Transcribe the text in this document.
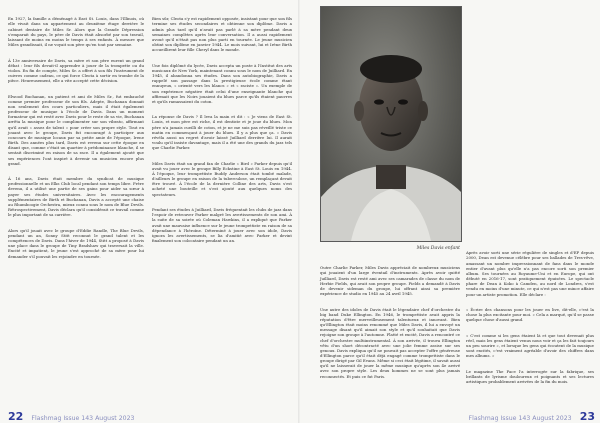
En 1927, la famille a déménagé à East St. Louis, dans l'Illinois, où elle vivait dans un appartement au deuxième étage derrière le cabinet dentaire de Miles Sr. Alors que la Grande Dépression s'emparait du pays, le père de Davis était absorbé par son travail, laissant de moins en moins le temps à ses enfants. À mesure que Miles grandissait, il ne voyait son père qu'en tout par semaine.

À 13e anniversaire de Davis, sa mère et son père eurent un grand débat : leur fils devait-il apprendre à jouer de la trompette ou du violon. En fin de compte, Miles Sr. a offert à son fils l'instrument de cuivres comme cadeau, ce qui force Cleota à sortir en trombe de la pièce. Heureusement, elle a vite accepté cette décision.

Elwood Buchanan, un patient et ami de Miles Sr., fut embauché comme premier professeur de son fils. Adepte, Buchanan donnait non seulement des cours particuliers, mais il était également professeur de musique à l'école de Davis. Dans un moment formateur qui est resté avec Davis pour le reste de sa vie, Buchanan arrêta la musique pour le complimenter sur son vibrato, affirmant qu'il avait « assez de talent » pour créer son propre style. Tout en jouant avec le groupe, Davis fut encouragé à participer aux concours de musique locaux par sa petite amie de l'époque, Irene Birth. Des années plus tard, Davis est revenu sur cette époque en disant que, comme c'était un quartier à prédominance blanche, il se sentait discriminé en raison de sa race. Il a également ajouté que ses expériences l'ont inspiré à devenir un musicien encore plus grand.

À 16 ans, Davis était membre du syndicat de musique professionnelle et un Elks Club local pendant son temps libre. Frère devenu, il a utilisé une partie de ses gains pour aider sa sœur à payer ses études universitaires. Avec les encouragements supplémentaires de Birth et Buchanan, Davis a accepté une chaise au Rhumboogie Orchestra, mieux connu sous le nom de Blue Devils. Rétrospectivement, Davis déclara qu'il considérait ce travail comme le plus important de sa carrière.

Alors qu'il jouait avec le groupe d'Eddie Randle, The Blue Devils, pendant un an, Sonny Stitt reconnut le grand talent et les compétences de Davis. Dans l'hiver de 1944, Stitt a proposé à Davis une place dans le groupe de Tiny Bradshaw qui traversait la ville. Excité et impatient, le jeune s'est approché de sa mère pour lui demander s'il pouvait les rejoindre en tournée.

Bien sûr, Cleota s'y est rapidement opposée, insistant pour que son fils termine ses études secondaires et obtienne son diplôme. Davis a admis plus tard qu'il n'avait pas parlé à sa mère pendant deux semaines complètes après leur conversation. Il a aussi rapidement avoué qu'il n'était pas non plus parti en tournée. Le jeune musicien obtint son diplôme en janvier 1944. Le mois suivant, lui et Irène Birth accueillirent leur fille Cheryl dans le monde.

Une fois diplômé du lycée, Davis accepta un poste à l'Institut des arts musicaux de New York, maintenant connu sous le nom de Juilliard. En 1945, il abandonna ses études. Dans son autobiographie, Davis a rappelé son passage dans la prestigieuse école comme étant ennuyeux, « orienté vers les blancs » et « raciste ». Un exemple de son expérience négative était celui d'une enseignante blanche qui affirmait que les Noirs jouaient du blues parce qu'ils étaient pauvres et qu'ils ramassaient du coton.

La réponse de Davis ? Il leva la main et dit : « Je viens de East St. Louis, et mon père est riche, il est dentiste et je joue du blues. Mon père n'a jamais cueilli de coton, et je ne me suis pas réveillé triste ce matin en commençant à jouer du blues. Il y a plus que ça. » Davis révéla aussi un regret d'avoir laissé Juilliard derrière lui. Il aurait voulu qu'il insiste davantage, mais il a été une des grands du jazz tels que Charlie Parker.

Miles Davis était un grand fan de Charlie « Bird » Parker depuis qu'il avait vu jouer avec le groupe Billy Eckstine à East St. Louis en 1944. À l'époque, leur trompettiste Buddy Anderson était tombé malade, d'ailleurs le groupe en raison de la tuberculose, un remplaçant devait être trouvé. À l'école de la dernière Colline des arts, Davis s'est acheté une bouteille et s'est ajouté aux quelques noms des spectateurs.

Pendant ses études à Juilliard, Davis fréquentait les clubs de jazz dans l'espoir de retrouver Parker malgré les avertissements de son ami. À la suite de sa soirée où Coleman Hawkins, il a expliqué que Parker avait une mauvaise influence sur le jeune trompettiste en raison de sa dépendance à l'héroïne. Déterminé à jouer avec son idole, Davis ignora les avertissements, se lia d'amitié avec Parker et devint finalement son colocataire pendant un an.

22 Flashmag Issue 143 August 2023

Outre Charlie Parker, Miles Davis appréciait de nombreux musiciens qui jouaient d'un large éventail d'instruments. Après avoir quitté Juilliard, Davis est resté ami avec ses camarades de classe du nom de Herbie Fields, qui avait son propre groupe. Fields a demandé à Davis de devenir sideman du groupe, lui offrant ainsi sa première expérience de studio en 1945 au 24 avril 1945.

Une autre des idoles de Davis était le légendaire chef d'orchestre du big band Duke Ellington. En 1946, le trompettiste avait appris la réputation d'être merveilleusement talentueux et innovant. Bien qu'Ellington était moins renommé que Miles Davis, il lui a envoyé un message disant qu'il aimait son style et qu'il souhaitait que Davis rejoigne son groupe à l'automne. Flatté et excité, Davis a rencontré ce chef d'orchestre multiinstrumental. À son arrivée, il trouva Ellington vêtu d'un short décontracté avec une jolie femme assise sur ses genoux. Davis expliqua qu'il ne pouvait pas accepter l'offre généreuse d'Ellington parce qu'il était déjà engagé comme trompettiste dans le groupe dirigé par Gil Evans. Même si ceci était légitime, il savait aussi qu'il ne laisserait de jouer la même musique qu'après son 4e arrivé avec son propre style. Les deux hommes ne se sont plus jamais reconnectés. Et puis ce fut Paris.

Après avoir sorti une série régulière de singles et d'EP depuis 2000, Dean est devenue célèbre pour ses ballades de Tres-rêve, amassant un nombre impressionnant de fans dans le monde entier d'avant plus qu'elle n'a pas encore sorti son premier album. Ses tournées au Royaume-Uni et en Europe, qui ont débuté en 2016-17, sont pratiquement épuisées. Le spectacle phare de Dean à Koko à Camden, au nord de Londres, s'est vendu en moins d'une minute, ce qui n'est pas une mince affaire pour un artiste promotion. Elle déclare :

« Écrire des chansons pour les jouer en live, dit-elle, c'est la chose la plus excitante pour moi. » Cela a marqué, qu'il se passe quelque chose d'aussi grand.

« C'est comme si les gens étaient là et que tout devenait plus réel, mais les gens étaient venus nous voir et ça les fait toujours un peu sourire », et lorsque les gens qui écoutent de la musique sont excités, c'est vraiment agréable d'avoir des chiffres dans mes albums. »

Le magazine The Face l'a interrogée sur la fabrique, ses brillants de lyrisme douloureux et poignants et ses lectures artistiques probablement arrivées de la fin du mois.

Flashmag Issue 143 August 2023 23
Miles Davis enfant
